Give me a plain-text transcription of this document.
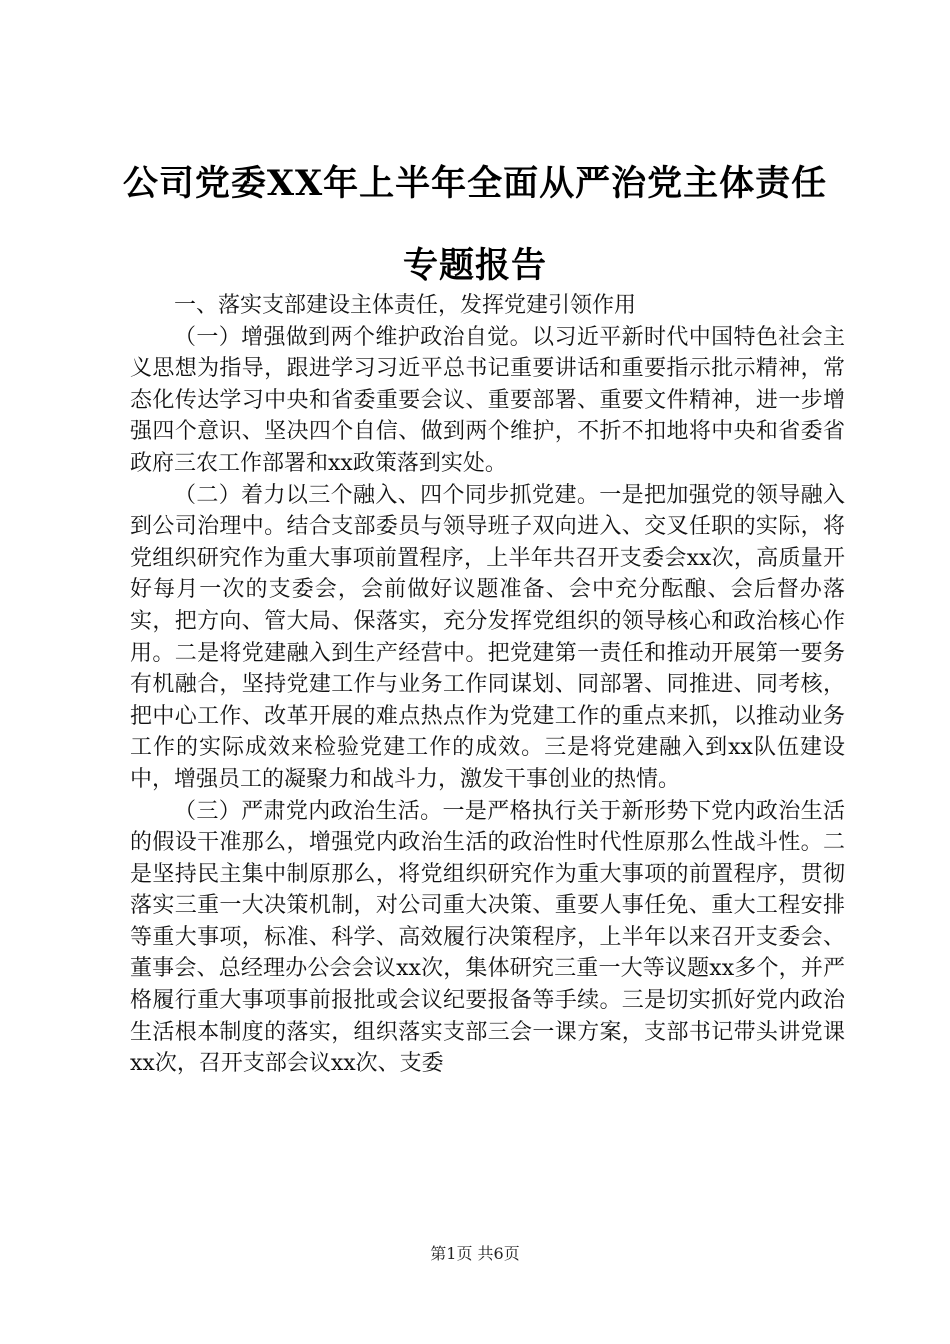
公司党委XX年上半年全面从严治党主体责任
专题报告

一、落实支部建设主体责任，发挥党建引领作用

（一）增强做到两个维护政治自觉。以习近平新时代中国特色社会主义思想为指导，跟进学习习近平总书记重要讲话和重要指示批示精神，常态化传达学习中央和省委重要会议、重要部署、重要文件精神，进一步增强四个意识、坚决四个自信、做到两个维护，不折不扣地将中央和省委省政府三农工作部署和xx政策落到实处。

（二）着力以三个融入、四个同步抓党建。一是把加强党的领导融入到公司治理中。结合支部委员与领导班子双向进入、交叉任职的实际，将党组织研究作为重大事项前置程序，上半年共召开支委会xx次，高质量开好每月一次的支委会，会前做好议题准备、会中充分酝酿、会后督办落实，把方向、管大局、保落实，充分发挥党组织的领导核心和政治核心作用。二是将党建融入到生产经营中。把党建第一责任和推动开展第一要务有机融合，坚持党建工作与业务工作同谋划、同部署、同推进、同考核，把中心工作、改革开展的难点热点作为党建工作的重点来抓，以推动业务工作的实际成效来检验党建工作的成效。三是将党建融入到xx队伍建设中，增强员工的凝聚力和战斗力，激发干事创业的热情。

（三）严肃党内政治生活。一是严格执行关于新形势下党内政治生活的假设干准那么，增强党内政治生活的政治性时代性原那么性战斗性。二是坚持民主集中制原那么，将党组织研究作为重大事项的前置程序，贯彻落实三重一大决策机制，对公司重大决策、重要人事任免、重大工程安排等重大事项，标准、科学、高效履行决策程序，上半年以来召开支委会、董事会、总经理办公会会议xx次，集体研究三重一大等议题xx多个，并严格履行重大事项事前报批或会议纪要报备等手续。三是切实抓好党内政治生活根本制度的落实，组织落实支部三会一课方案，支部书记带头讲党课xx次，召开支部会议xx次、支委

第1页 共6页
